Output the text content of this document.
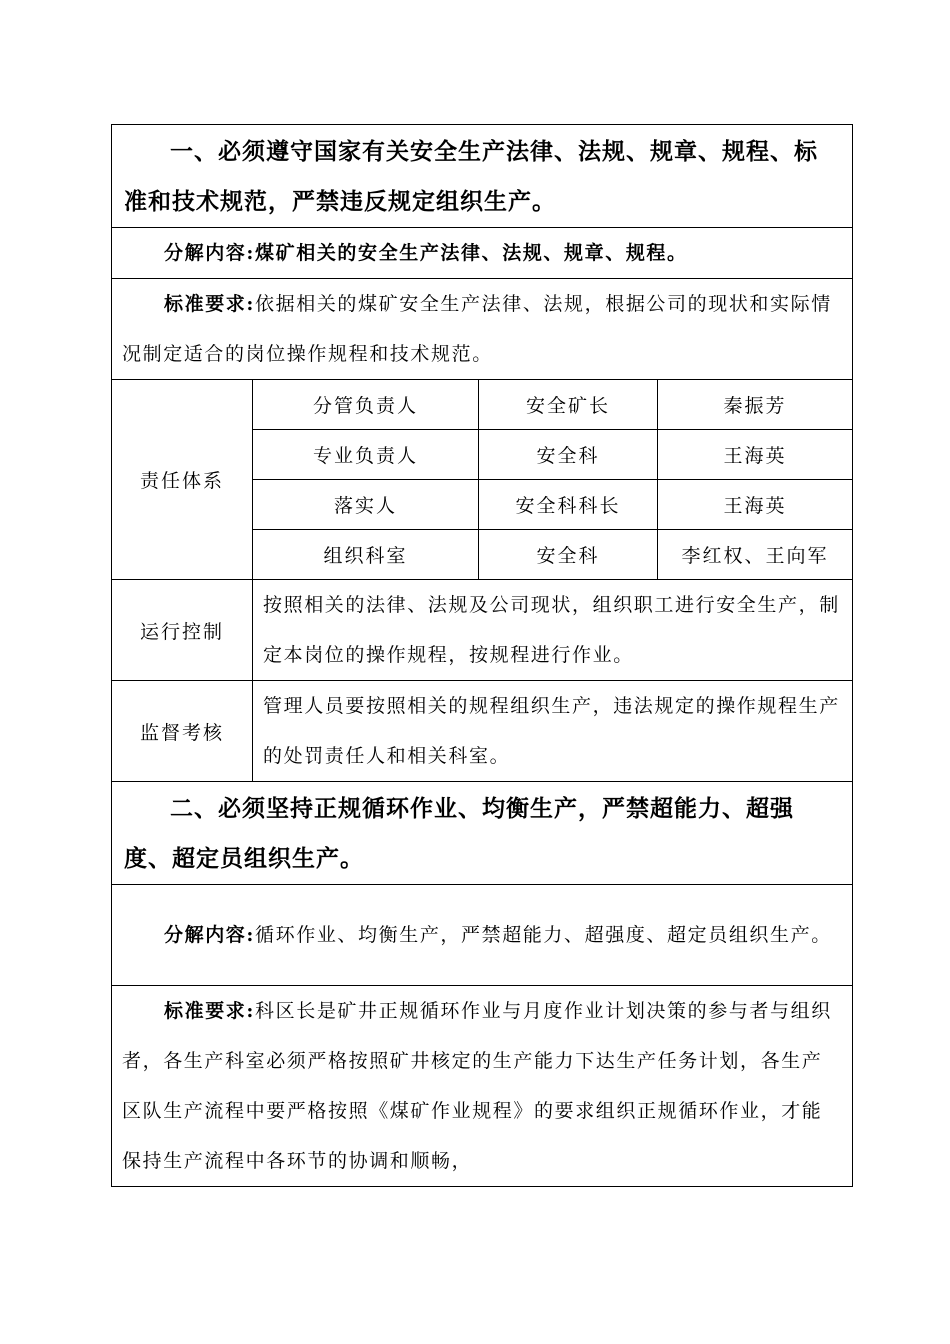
一、必须遵守国家有关安全生产法律、法规、规章、规程、标准和技术规范，严禁违反规定组织生产。			
分解内容:煤矿相关的安全生产法律、法规、规章、规程。			
标准要求:依据相关的煤矿安全生产法律、法规，根据公司的现状和实际情况制定适合的岗位操作规程和技术规范。			
责任体系	分管负责人	安全矿长	秦振芳
	专业负责人	安全科	王海英
	落实人	安全科科长	王海英
	组织科室	安全科	李红权、王向军
运行控制	按照相关的法律、法规及公司现状，组织职工进行安全生产，制定本岗位的操作规程，按规程进行作业。		
监督考核	管理人员要按照相关的规程组织生产，违法规定的操作规程生产的处罚责任人和相关科室。		
二、必须坚持正规循环作业、均衡生产，严禁超能力、超强度、超定员组织生产。			
分解内容:循环作业、均衡生产，严禁超能力、超强度、超定员组织生产。			
标准要求:科区长是矿井正规循环作业与月度作业计划决策的参与者与组织者，各生产科室必须严格按照矿井核定的生产能力下达生产任务计划，各生产区队生产流程中要严格按照《煤矿作业规程》的要求组织正规循环作业，才能保持生产流程中各环节的协调和顺畅，			
